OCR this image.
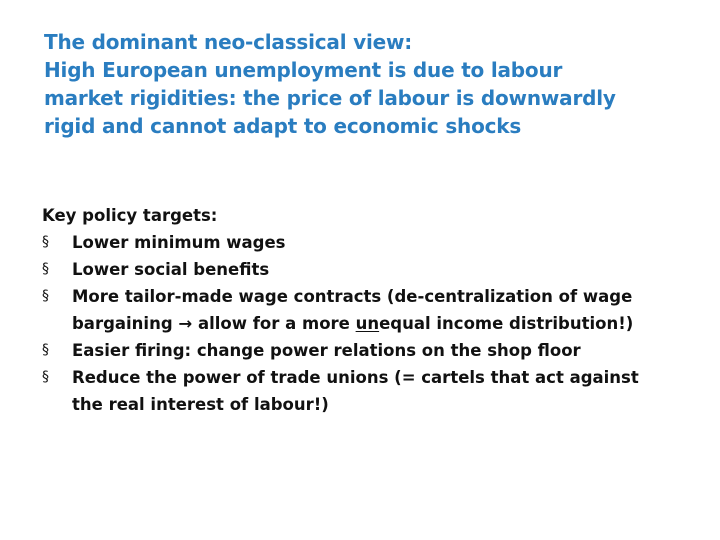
The dominant neo-classical view:
High European unemployment is due to labour
market rigidities: the price of labour is downwardly
rigid and cannot adapt to economic shocks
Key policy targets:
§	Lower minimum wages
§	Lower social benefits
§	More tailor-made wage contracts (de-centralization of wage
bargaining → allow for a more unequal income distribution!)
§	Easier firing: change power relations on the shop floor
§	Reduce the power of trade unions (= cartels that act against
the real interest of labour!)
